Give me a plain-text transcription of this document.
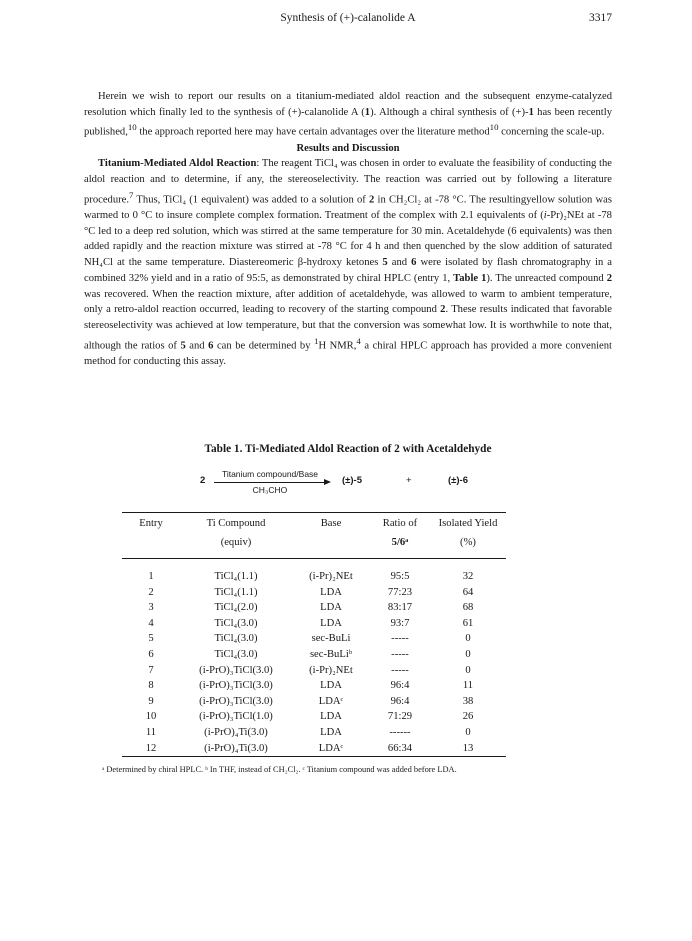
Synthesis of (+)-calanolide A	3317

Herein we wish to report our results on a titanium-mediated aldol reaction and the subsequent enzyme-catalyzed resolution which finally led to the synthesis of (+)-calanolide A (1). Although a chiral synthesis of (+)-1 has been recently published,$^{10}$ the approach reported here may have certain advantages over the literature method$^{10}$ concerning the scale-up.

Results and Discussion

Titanium-Mediated Aldol Reaction: The reagent TiCl₄ was chosen in order to evaluate the feasibility of conducting the aldol reaction and to determine, if any, the stereoselectivity. The reaction was carried out by following a literature procedure.$^7$ Thus, TiCl₄ (1 equivalent) was added to a solution of 2 in CH₂Cl₂ at -78 °C. The resultingyellow solution was warmed to 0 °C to insure complete complex formation. Treatment of the complex with 2.1 equivalents of (i-Pr)₂NEt at -78 °C led to a deep red solution, which was stirred at the same temperature for 30 min. Acetaldehyde (6 equivalents) was then added rapidly and the reaction mixture was stirred at -78 °C for 4 h and then quenched by the slow addition of saturated NH₄Cl at the same temperature. Diastereomeric β-hydroxy ketones 5 and 6 were isolated by flash chromatography in a combined 32% yield and in a ratio of 95:5, as demonstrated by chiral HPLC (entry 1, Table 1). The unreacted compound 2 was recovered. When the reaction mixture, after addition of acetaldehyde, was allowed to warm to ambient temperature, only a retro-aldol reaction occurred, leading to recovery of the starting compound 2. These results indicated that favorable stereoselectivity was achieved at low temperature, but that the conversion was somewhat low. It is worthwhile to note that, although the ratios of 5 and 6 can be determined by $^1$H NMR,$^4$ a chiral HPLC approach has provided a more convenient method for conducting this assay.

Table 1. Ti-Mediated Aldol Reaction of 2 with Acetaldehyde
2
Titanium compound/Base
CH₃CHO
(±)-5	+	(±)-6
Entry	Ti Compound	Base	Ratio of	Isolated Yield
	(equiv)		5/6ᵃ	(%)
1	TiCl₄(1.1)	(i-Pr)₂NEt	95:5	32
2	TiCl₄(1.1)	LDA	77:23	64
3	TiCl₄(2.0)	LDA	83:17	68
4	TiCl₄(3.0)	LDA	93:7	61
5	TiCl₄(3.0)	sec-BuLi	-----	0
6	TiCl₄(3.0)	sec-BuLiᵇ	-----	0
7	(i-PrO)₃TiCl(3.0)	(i-Pr)₂NEt	-----	0
8	(i-PrO)₃TiCl(3.0)	LDA	96:4	11
9	(i-PrO)₃TiCl(3.0)	LDAᶜ	96:4	38
10	(i-PrO)₃TiCl(1.0)	LDA	71:29	26
11	(i-PrO)₄Ti(3.0)	LDA	------	0
12	(i-PrO)₄Ti(3.0)	LDAᶜ	66:34	13
ᵃ Determined by chiral HPLC. ᵇ In THF, instead of CH₂Cl₂. ᶜ Titanium compound was added before LDA.
